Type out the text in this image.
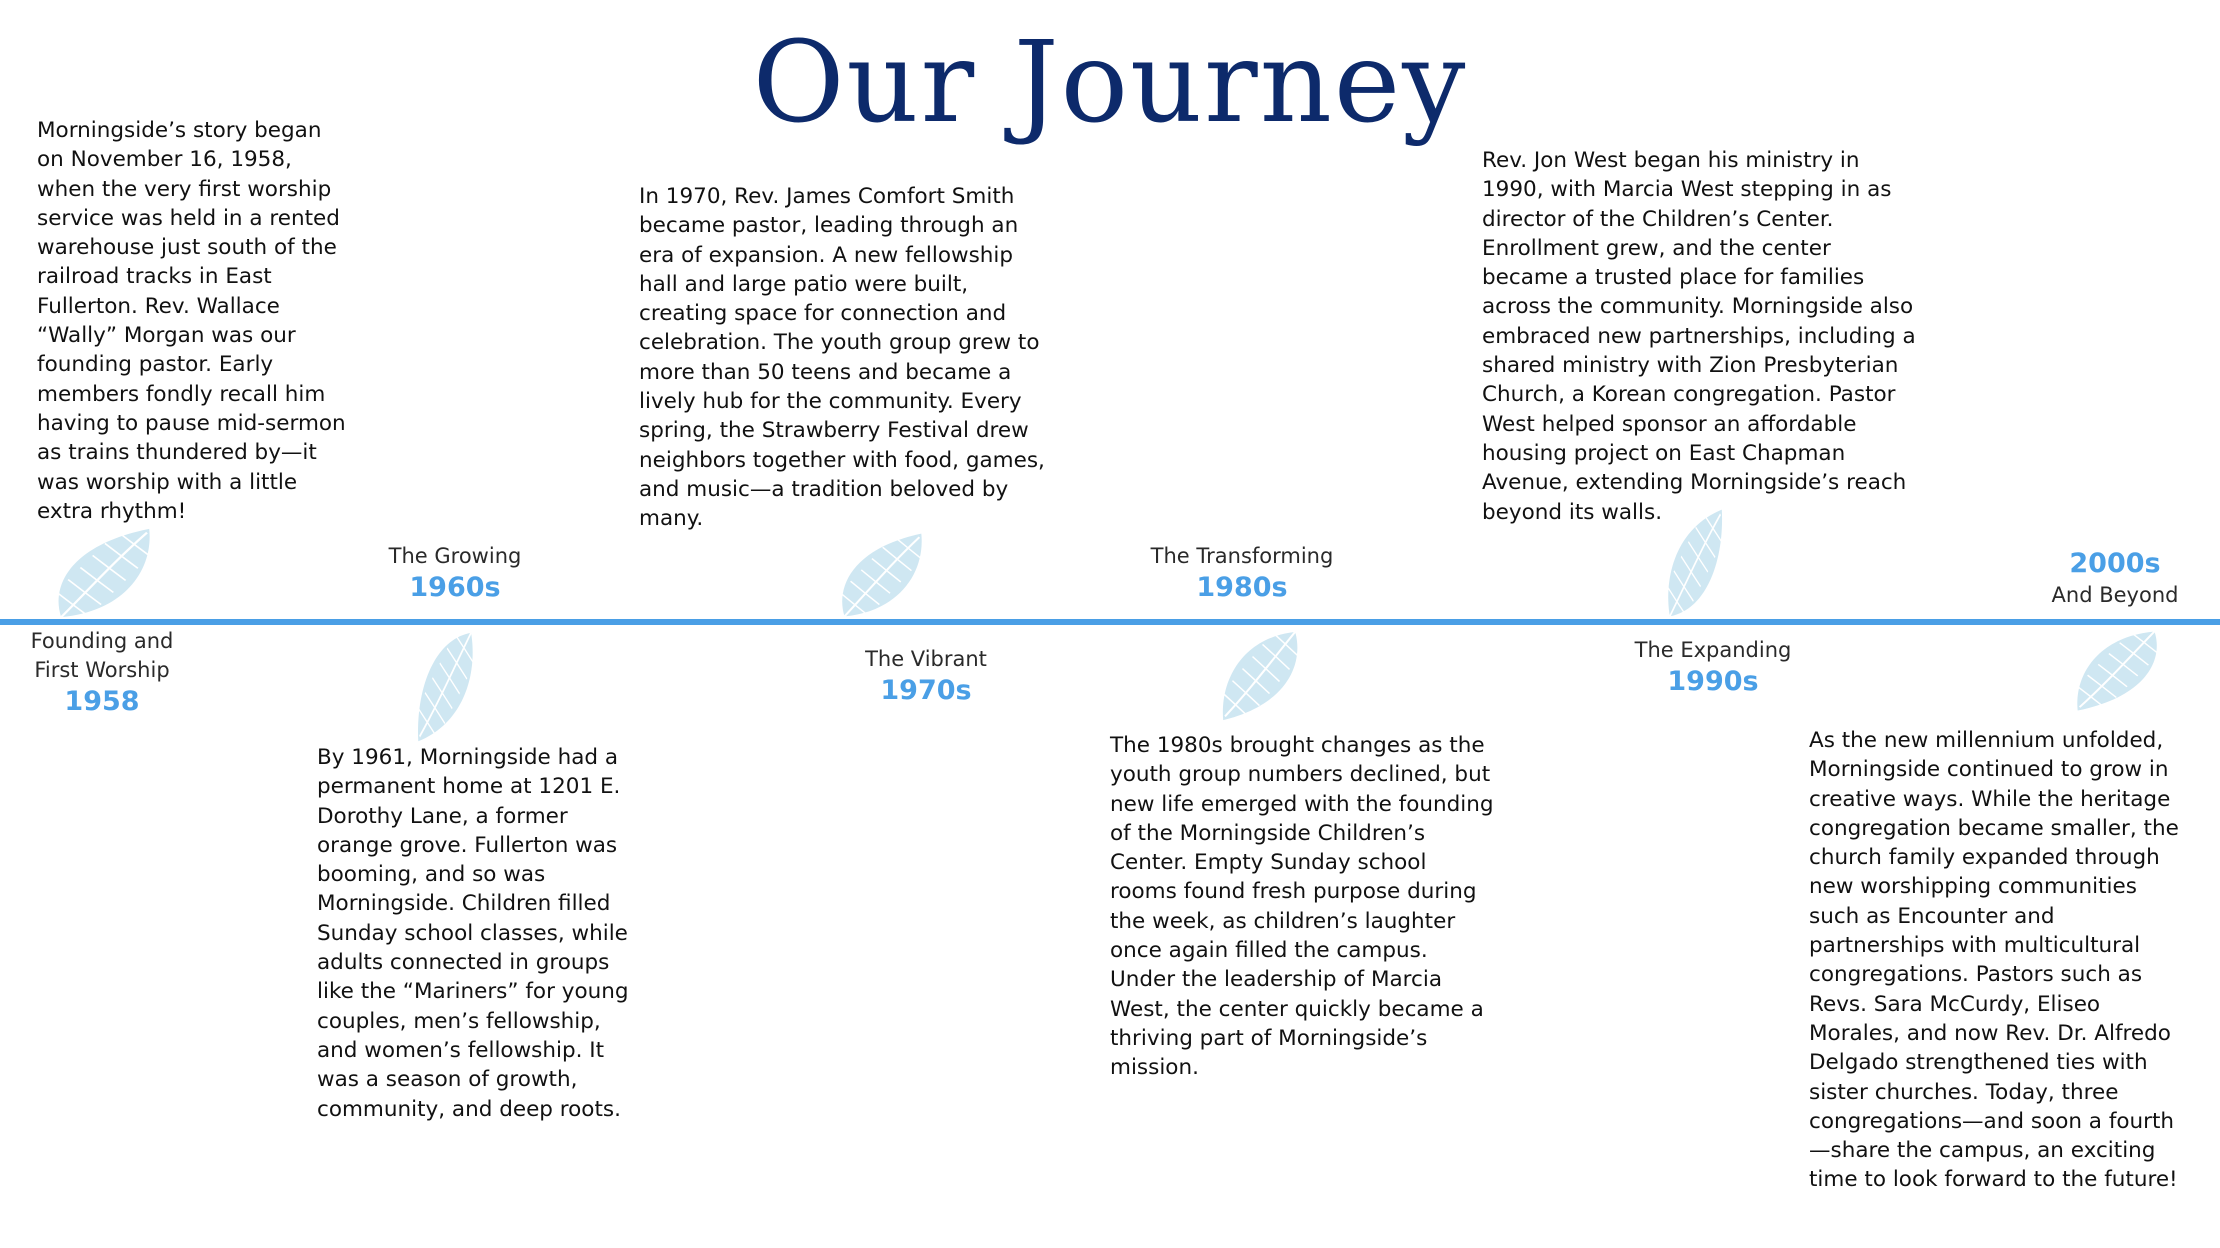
Our Journey
Morningside’s story began
on November 16, 1958,
when the very first worship
service was held in a rented
warehouse just south of the
railroad tracks in East
Fullerton. Rev. Wallace
“Wally” Morgan was our
founding pastor. Early
members fondly recall him
having to pause mid-sermon
as trains thundered by—it
was worship with a little
extra rhythm!
Founding and
First Worship
1958
By 1961, Morningside had a
permanent home at 1201 E.
Dorothy Lane, a former
orange grove. Fullerton was
booming, and so was
Morningside. Children filled
Sunday school classes, while
adults connected in groups
like the “Mariners” for young
couples, men’s fellowship,
and women’s fellowship. It
was a season of growth,
community, and deep roots.
The Growing
1960s
In 1970, Rev. James Comfort Smith
became pastor, leading through an
era of expansion. A new fellowship
hall and large patio were built,
creating space for connection and
celebration. The youth group grew to
more than 50 teens and became a
lively hub for the community. Every
spring, the Strawberry Festival drew
neighbors together with food, games,
and music—a tradition beloved by
many.
The Vibrant
1970s
The 1980s brought changes as the
youth group numbers declined, but
new life emerged with the founding
of the Morningside Children’s
Center. Empty Sunday school
rooms found fresh purpose during
the week, as children’s laughter
once again filled the campus.
Under the leadership of Marcia
West, the center quickly became a
thriving part of Morningside’s
mission.
The Transforming
1980s
Rev. Jon West began his ministry in
1990, with Marcia West stepping in as
director of the Children’s Center.
Enrollment grew, and the center
became a trusted place for families
across the community. Morningside also
embraced new partnerships, including a
shared ministry with Zion Presbyterian
Church, a Korean congregation. Pastor
West helped sponsor an affordable
housing project on East Chapman
Avenue, extending Morningside’s reach
beyond its walls.
The Expanding
1990s
As the new millennium unfolded,
Morningside continued to grow in
creative ways. While the heritage
congregation became smaller, the
church family expanded through
new worshipping communities
such as Encounter and
partnerships with multicultural
congregations. Pastors such as
Revs. Sara McCurdy, Eliseo
Morales, and now Rev. Dr. Alfredo
Delgado strengthened ties with
sister churches. Today, three
congregations—and soon a fourth
—share the campus, an exciting
time to look forward to the future!
2000s
And Beyond
